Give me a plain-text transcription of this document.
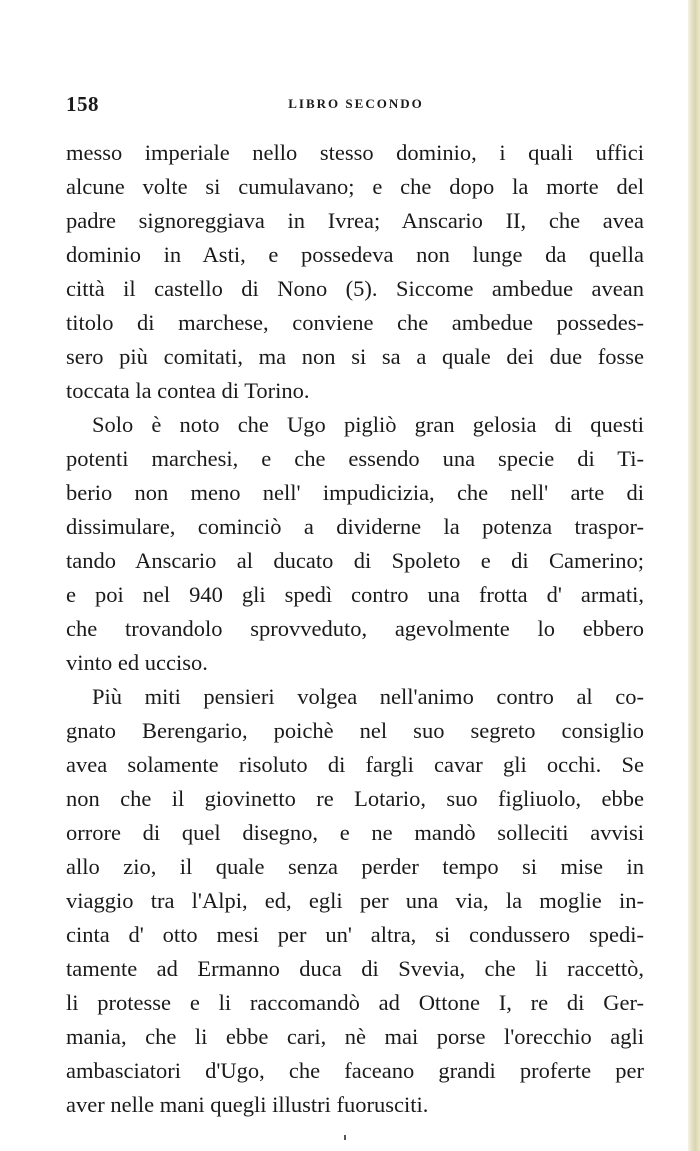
158	LIBRO SECONDO
messo imperiale nello stesso dominio, i quali uffici
alcune volte si cumulavano; e che dopo la morte del
padre signoreggiava in Ivrea; Anscario II, che avea
dominio in Asti, e possedeva non lunge da quella
città il castello di Nono (5). Siccome ambedue avean
titolo di marchese, conviene che ambedue possedes-
sero più comitati, ma non si sa a quale dei due fosse
toccata la contea di Torino.
Solo è noto che Ugo pigliò gran gelosia di questi
potenti marchesi, e che essendo una specie di Ti-
berio non meno nell' impudicizia, che nell' arte di
dissimulare, cominciò a dividerne la potenza traspor-
tando Anscario al ducato di Spoleto e di Camerino;
e poi nel 940 gli spedì contro una frotta d' armati,
che trovandolo sprovveduto, agevolmente lo ebbero
vinto ed ucciso.
Più miti pensieri volgea nell'animo contro al co-
gnato Berengario, poichè nel suo segreto consiglio
avea solamente risoluto di fargli cavar gli occhi. Se
non che il giovinetto re Lotario, suo figliuolo, ebbe
orrore di quel disegno, e ne mandò solleciti avvisi
allo zio, il quale senza perder tempo si mise in
viaggio tra l'Alpi, ed, egli per una via, la moglie in-
cinta d' otto mesi per un' altra, si condussero spedi-
tamente ad Ermanno duca di Svevia, che li raccettò,
li protesse e li raccomandò ad Ottone I, re di Ger-
mania, che li ebbe cari, nè mai porse l'orecchio agli
ambasciatori d'Ugo, che faceano grandi proferte per
aver nelle mani quegli illustri fuorusciti.
